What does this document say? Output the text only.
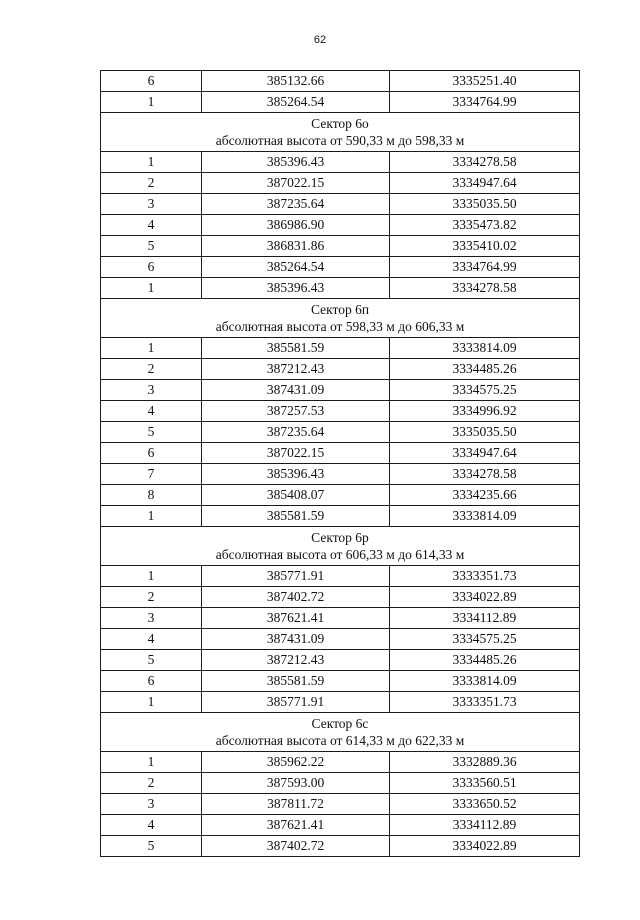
62
6	385132.66	3335251.40
1	385264.54	3334764.99

Сектор 6о
абсолютная высота от 590,33 м до 598,33 м		

1	385396.43	3334278.58
2	387022.15	3334947.64
3	387235.64	3335035.50
4	386986.90	3335473.82
5	386831.86	3335410.02
6	385264.54	3334764.99
1	385396.43	3334278.58

Сектор 6п
абсолютная высота от 598,33 м до 606,33 м		

1	385581.59	3333814.09
2	387212.43	3334485.26
3	387431.09	3334575.25
4	387257.53	3334996.92
5	387235.64	3335035.50
6	387022.15	3334947.64
7	385396.43	3334278.58
8	385408.07	3334235.66
1	385581.59	3333814.09

Сектор 6р
абсолютная высота от 606,33 м до 614,33 м		

1	385771.91	3333351.73
2	387402.72	3334022.89
3	387621.41	3334112.89
4	387431.09	3334575.25
5	387212.43	3334485.26
6	385581.59	3333814.09
1	385771.91	3333351.73

Сектор 6с
абсолютная высота от 614,33 м до 622,33 м		

1	385962.22	3332889.36
2	387593.00	3333560.51
3	387811.72	3333650.52
4	387621.41	3334112.89
5	387402.72	3334022.89
